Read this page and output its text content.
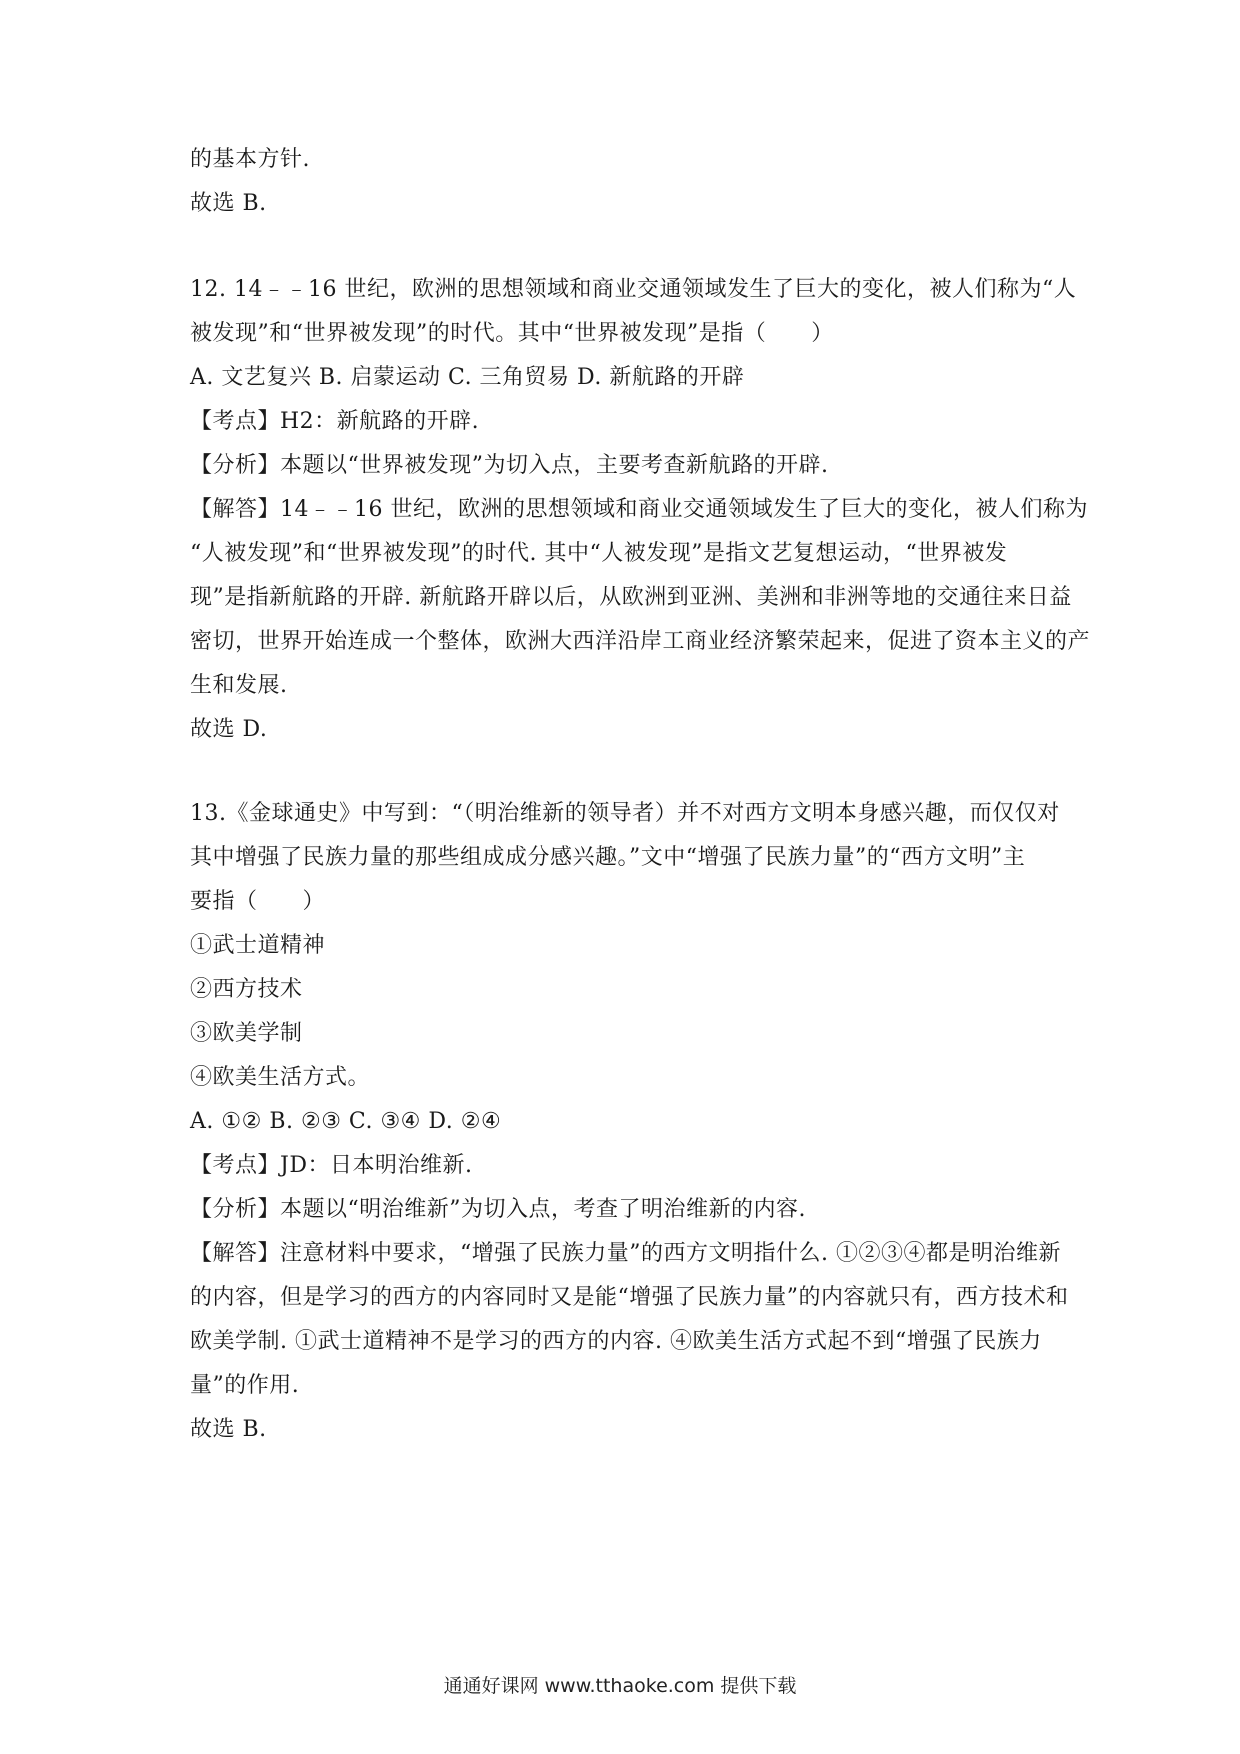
的基本方针.
故选 B.
12. 14﹣﹣16 世纪，欧洲的思想领域和商业交通领域发生了巨大的变化，被人们称为“人
被发现”和“世界被发现”的时代。其中“世界被发现”是指（　　）
A. 文艺复兴 B. 启蒙运动 C. 三角贸易 D. 新航路的开辟
【考点】H2：新航路的开辟.
【分析】本题以“世界被发现”为切入点，主要考查新航路的开辟.
【解答】14﹣﹣16 世纪，欧洲的思想领域和商业交通领域发生了巨大的变化，被人们称为
“人被发现”和“世界被发现”的时代. 其中“人被发现”是指文艺复想运动，“世界被发
现”是指新航路的开辟. 新航路开辟以后，从欧洲到亚洲、美洲和非洲等地的交通往来日益
密切，世界开始连成一个整体，欧洲大西洋沿岸工商业经济繁荣起来，促进了资本主义的产
生和发展.
故选 D.
13.《金球通史》中写到：“（明治维新的领导者）并不对西方文明本身感兴趣，而仅仅对
其中增强了民族力量的那些组成成分感兴趣。”文中“增强了民族力量”的“西方文明”主
要指（　　）
①武士道精神
②西方技术
③欧美学制
④欧美生活方式。
A. ①② B. ②③ C. ③④ D. ②④
【考点】JD：日本明治维新.
【分析】本题以“明治维新”为切入点，考查了明治维新的内容.
【解答】注意材料中要求，“增强了民族力量”的西方文明指什么. ①②③④都是明治维新
的内容，但是学习的西方的内容同时又是能“增强了民族力量”的内容就只有，西方技术和
欧美学制. ①武士道精神不是学习的西方的内容. ④欧美生活方式起不到“增强了民族力
量”的作用.
故选 B.
通通好课网 www.tthaoke.com 提供下载
